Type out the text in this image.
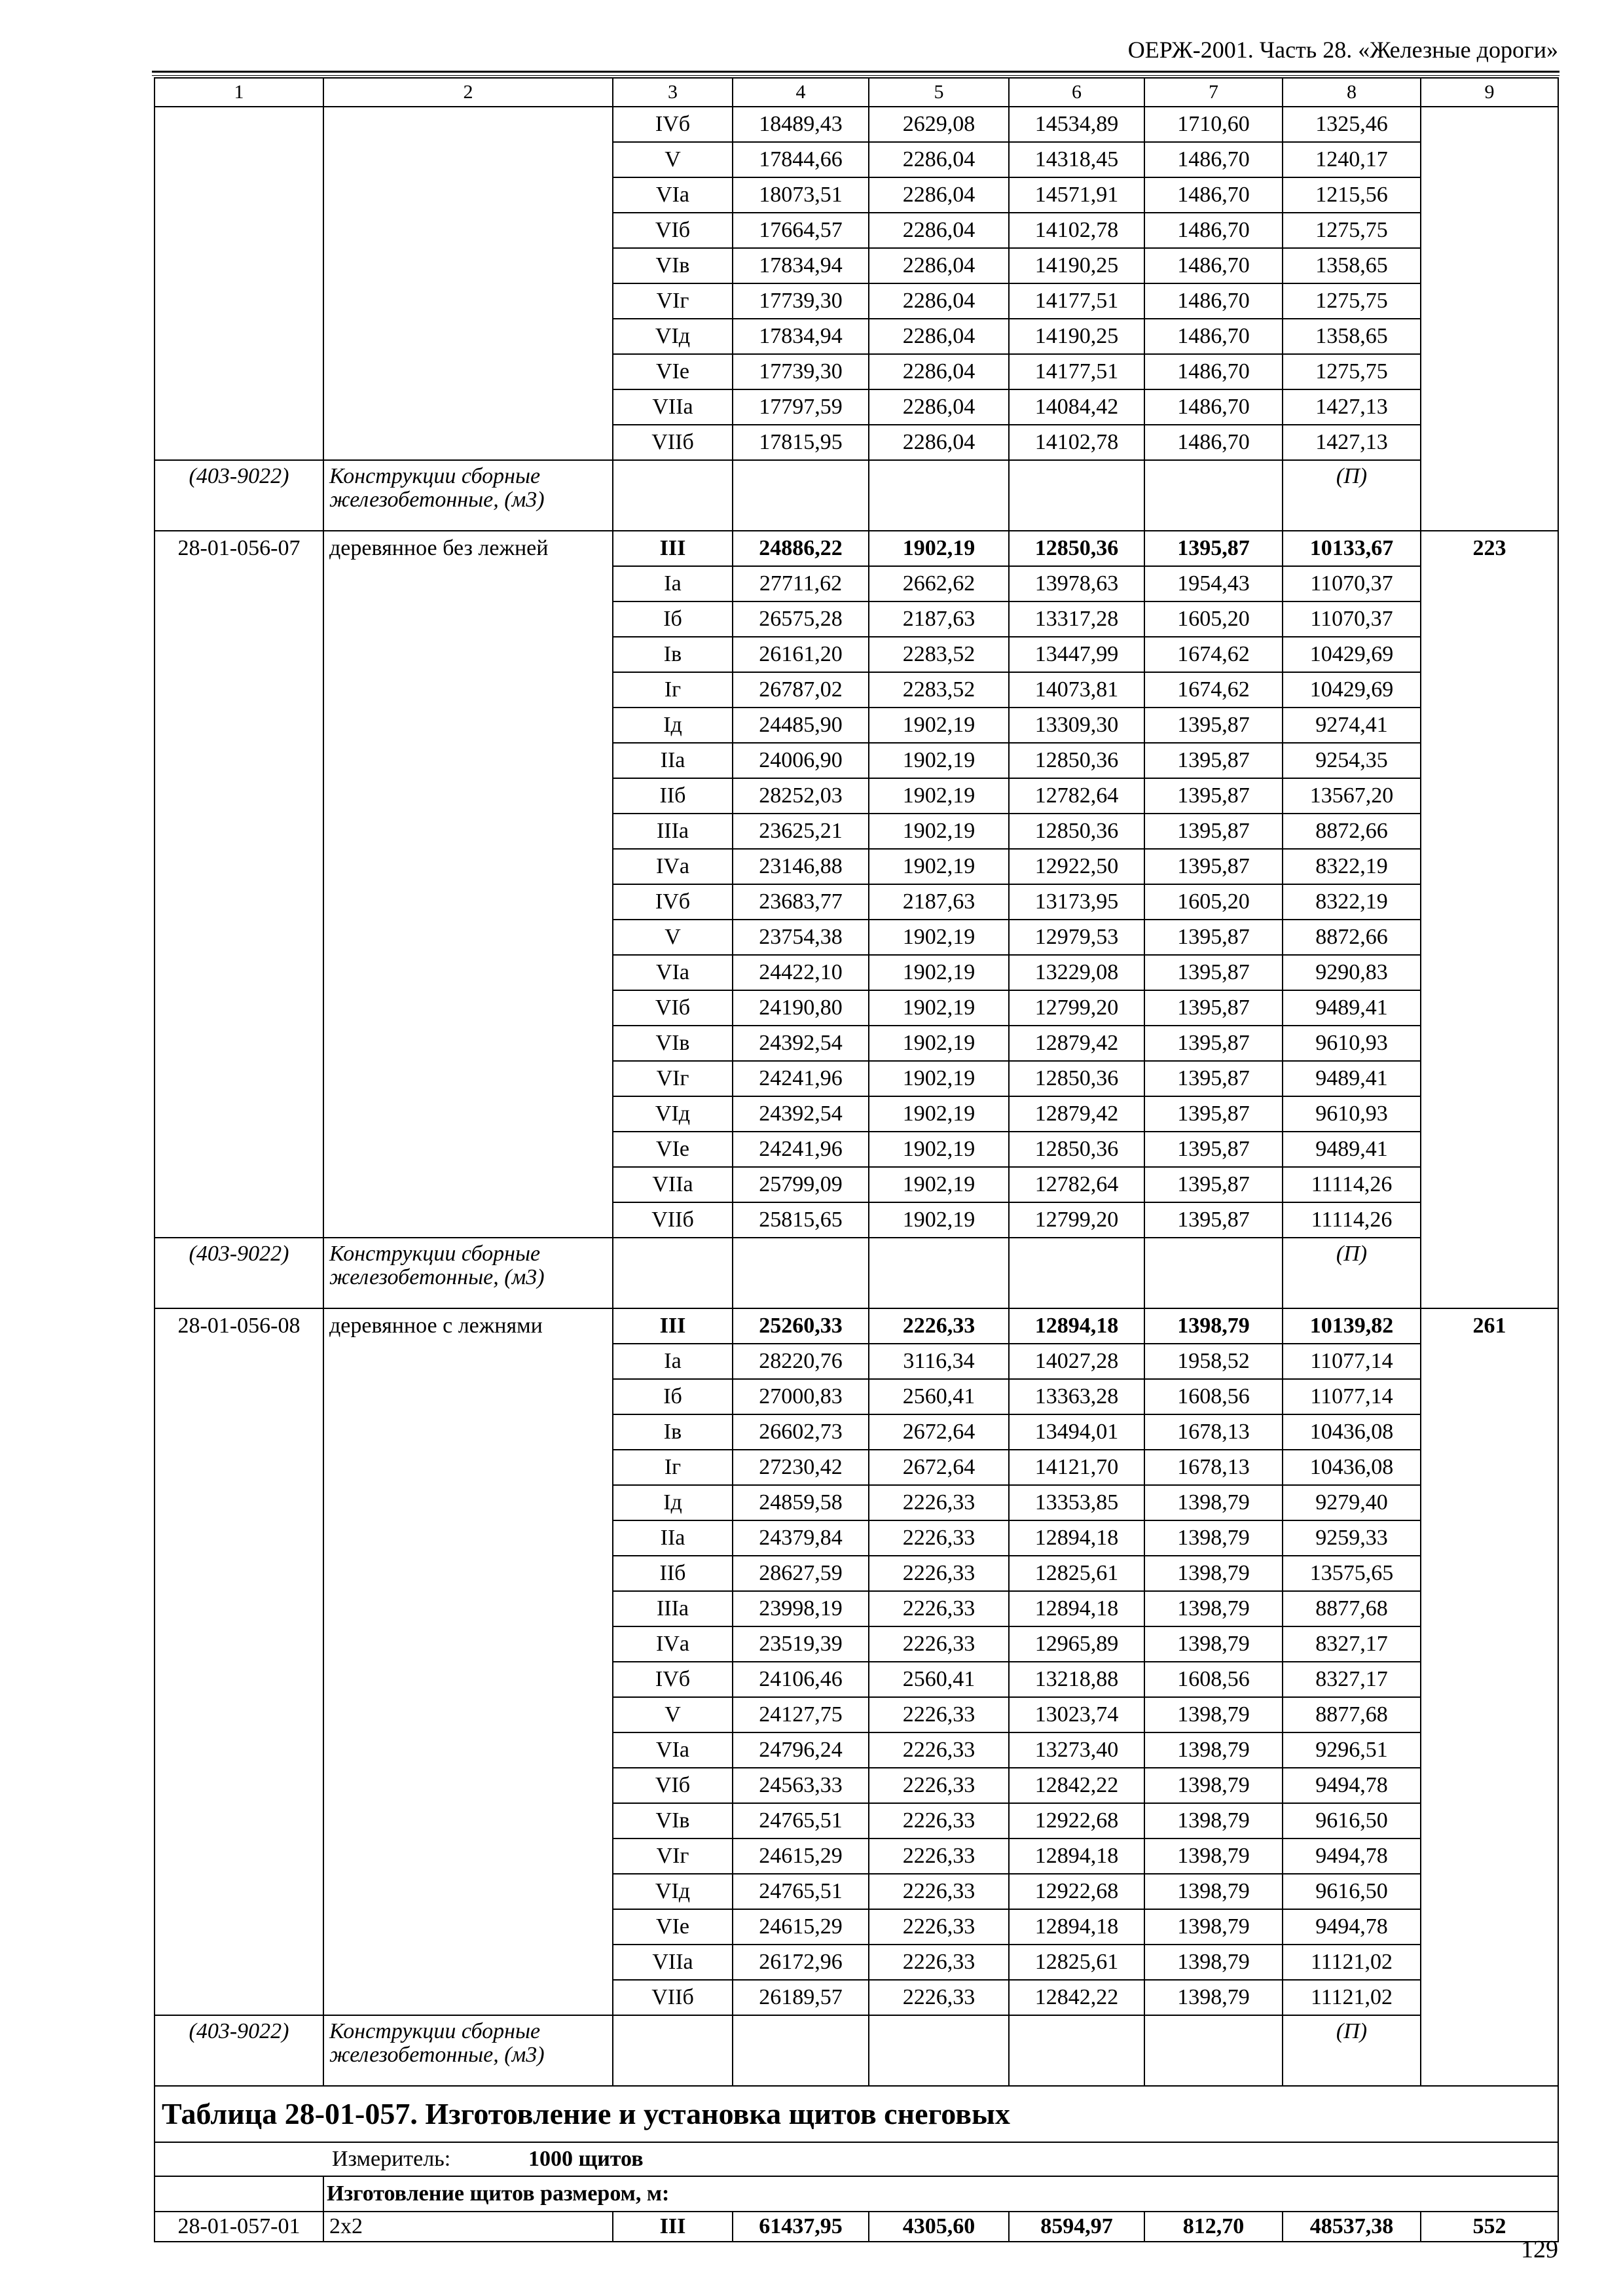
ОЕРЖ-2001. Часть 28. «Железные дороги»
1	2	3	4	5	6	7	8	9
		IVб	18489,43	2629,08	14534,89	1710,60	1325,46	
		V	17844,66	2286,04	14318,45	1486,70	1240,17	
		VIа	18073,51	2286,04	14571,91	1486,70	1215,56	
		VIб	17664,57	2286,04	14102,78	1486,70	1275,75	
		VIв	17834,94	2286,04	14190,25	1486,70	1358,65	
		VIг	17739,30	2286,04	14177,51	1486,70	1275,75	
		VIд	17834,94	2286,04	14190,25	1486,70	1358,65	
		VIе	17739,30	2286,04	14177,51	1486,70	1275,75	
		VIIа	17797,59	2286,04	14084,42	1486,70	1427,13	
		VIIб	17815,95	2286,04	14102,78	1486,70	1427,13	
(403-9022)	Конструкции сборные железобетонные, (м3)						(П)	
28-01-056-07	деревянное без лежней	III	24886,22	1902,19	12850,36	1395,87	10133,67	223
		Iа	27711,62	2662,62	13978,63	1954,43	11070,37	
		Iб	26575,28	2187,63	13317,28	1605,20	11070,37	
		Iв	26161,20	2283,52	13447,99	1674,62	10429,69	
		Iг	26787,02	2283,52	14073,81	1674,62	10429,69	
		Iд	24485,90	1902,19	13309,30	1395,87	9274,41	
		IIа	24006,90	1902,19	12850,36	1395,87	9254,35	
		IIб	28252,03	1902,19	12782,64	1395,87	13567,20	
		IIIа	23625,21	1902,19	12850,36	1395,87	8872,66	
		IVа	23146,88	1902,19	12922,50	1395,87	8322,19	
		IVб	23683,77	2187,63	13173,95	1605,20	8322,19	
		V	23754,38	1902,19	12979,53	1395,87	8872,66	
		VIа	24422,10	1902,19	13229,08	1395,87	9290,83	
		VIб	24190,80	1902,19	12799,20	1395,87	9489,41	
		VIв	24392,54	1902,19	12879,42	1395,87	9610,93	
		VIг	24241,96	1902,19	12850,36	1395,87	9489,41	
		VIд	24392,54	1902,19	12879,42	1395,87	9610,93	
		VIе	24241,96	1902,19	12850,36	1395,87	9489,41	
		VIIа	25799,09	1902,19	12782,64	1395,87	11114,26	
		VIIб	25815,65	1902,19	12799,20	1395,87	11114,26	
(403-9022)	Конструкции сборные железобетонные, (м3)						(П)	
28-01-056-08	деревянное с лежнями	III	25260,33	2226,33	12894,18	1398,79	10139,82	261
		Iа	28220,76	3116,34	14027,28	1958,52	11077,14	
		Iб	27000,83	2560,41	13363,28	1608,56	11077,14	
		Iв	26602,73	2672,64	13494,01	1678,13	10436,08	
		Iг	27230,42	2672,64	14121,70	1678,13	10436,08	
		Iд	24859,58	2226,33	13353,85	1398,79	9279,40	
		IIа	24379,84	2226,33	12894,18	1398,79	9259,33	
		IIб	28627,59	2226,33	12825,61	1398,79	13575,65	
		IIIа	23998,19	2226,33	12894,18	1398,79	8877,68	
		IVа	23519,39	2226,33	12965,89	1398,79	8327,17	
		IVб	24106,46	2560,41	13218,88	1608,56	8327,17	
		V	24127,75	2226,33	13023,74	1398,79	8877,68	
		VIа	24796,24	2226,33	13273,40	1398,79	9296,51	
		VIб	24563,33	2226,33	12842,22	1398,79	9494,78	
		VIв	24765,51	2226,33	12922,68	1398,79	9616,50	
		VIг	24615,29	2226,33	12894,18	1398,79	9494,78	
		VIд	24765,51	2226,33	12922,68	1398,79	9616,50	
		VIе	24615,29	2226,33	12894,18	1398,79	9494,78	
		VIIа	26172,96	2226,33	12825,61	1398,79	11121,02	
		VIIб	26189,57	2226,33	12842,22	1398,79	11121,02	
(403-9022)	Конструкции сборные железобетонные, (м3)						(П)	
Таблица 28-01-057. Изготовление и установка щитов снеговых								
Измеритель: 1000 щитов								
	Изготовление щитов размером, м:							
28-01-057-01	2х2	III	61437,95	4305,60	8594,97	812,70	48537,38	552
129
